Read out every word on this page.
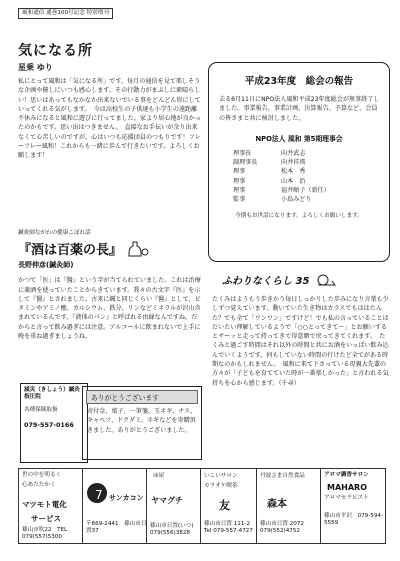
風和通信 通巻100号記念 特別増刊
気になる所
星乗 ゆり
私にとって風和は「気になる所」です。毎月の通信を見て楽しそうな企画や催しにいつも感心します。その行動力がまぶしに素晴らしい！思いはあってもなかなか出来ないでいる事をどんどん形にしていってくれる気がします。　今は高校生の子供達も小学生の遠距離不休みになると風和に遊びに行ってました。家より居心地が良かったのかもです。思い出はつきません。　直接なお手伝いが余り出来なくて心苦しいのですが、心はいつも応援団員のつもりです！フレーフレー風和！これからも一緒に歩んで行きたいです。よろしくお願します！
平成23年度　総会の報告
去る6月11日にNPO法人風和平成23年度総会が無事終了しました。事業報告、事業計画、決算報告、予算など、会員の皆さまと共に検討しました。
NPO法人 風和 第5期理事会
理事長	向井武志
副理事長	向井祥瑛
理事	松本　秀
理事	山本　治
理事	福井順子（新任）
監事	小島みどり
今期もお世話になります。よろしくお願いします。
鍼灸師ながわの健康こぼれ話
『酒は百薬の長』
長野伸彦(鍼灸師)
かつて「医」は『醫』という字が当てられていました。これは治療に薬酒を使っていたことからきています。我々の古文字『医』を示して『醫』とされました。古来に鍼と同じくらい『醫』として、ビタミンやアミノ酸、カルシウム、鉄分、リンなどミネラルが沢山含まれているんです。『液体のパン』と呼ばれる由縁なんですね。だからと言って飲み過ぎには注意。アルコールに飲まれないで上手に晩を重ね過ぎましょうね。
ふわりなくらし 35
たくみはようもう歩きかう毎日しっかりした歩みになり言葉も少しずつ覚えています。動いていた生き物はカラスでもははたんた？でも全て「ワンワン」ですけど！でも私の言っていることはだいたい理解しているようで「○○とってきて～」とお願いするとサーッと走って持ってきて得意顔で戻ってきてくれます。　たくみと過ごす時間はそれ以外の時間と共にお酒をいっぱい飲み込んでいくようです。何もしていない時間の行けたど全てがある時期なのかもしれません。　風和に来て下さっている母親大先輩の方々が「子どもを育てていた時が一番楽しかった」と言われる気持ちを心から感じます。（千尋）
減災（きしょう）鍼灸指圧院
各種保険取扱
079-557-0166
ありがとうございます
寄付金、菓子、一筆箋、玉ネギ、ナス、キャベツ、ドクダミ、ネギなどを寄贈頂きました。ありがとうございました。
世の中を明るく
心あたたかく
マツモト電化
サービス
篠山市吹22　TEL 079(557)5300
7 サンカコン
〒669-2441　篠山市日置37
床屋
ヤマグチ
篠山市日置(いつ)　079(556)3828
いこいサロン
カラオケ喫茶
友
篠山市日置 111-2　Tel 079-557-4727
丹波さま自然食品
森本
篠山市日置 2072　079(552)4752
アロマ調香サロン
MAHARO
アロマセラピスト
篠山市平沢　079-594-5559
